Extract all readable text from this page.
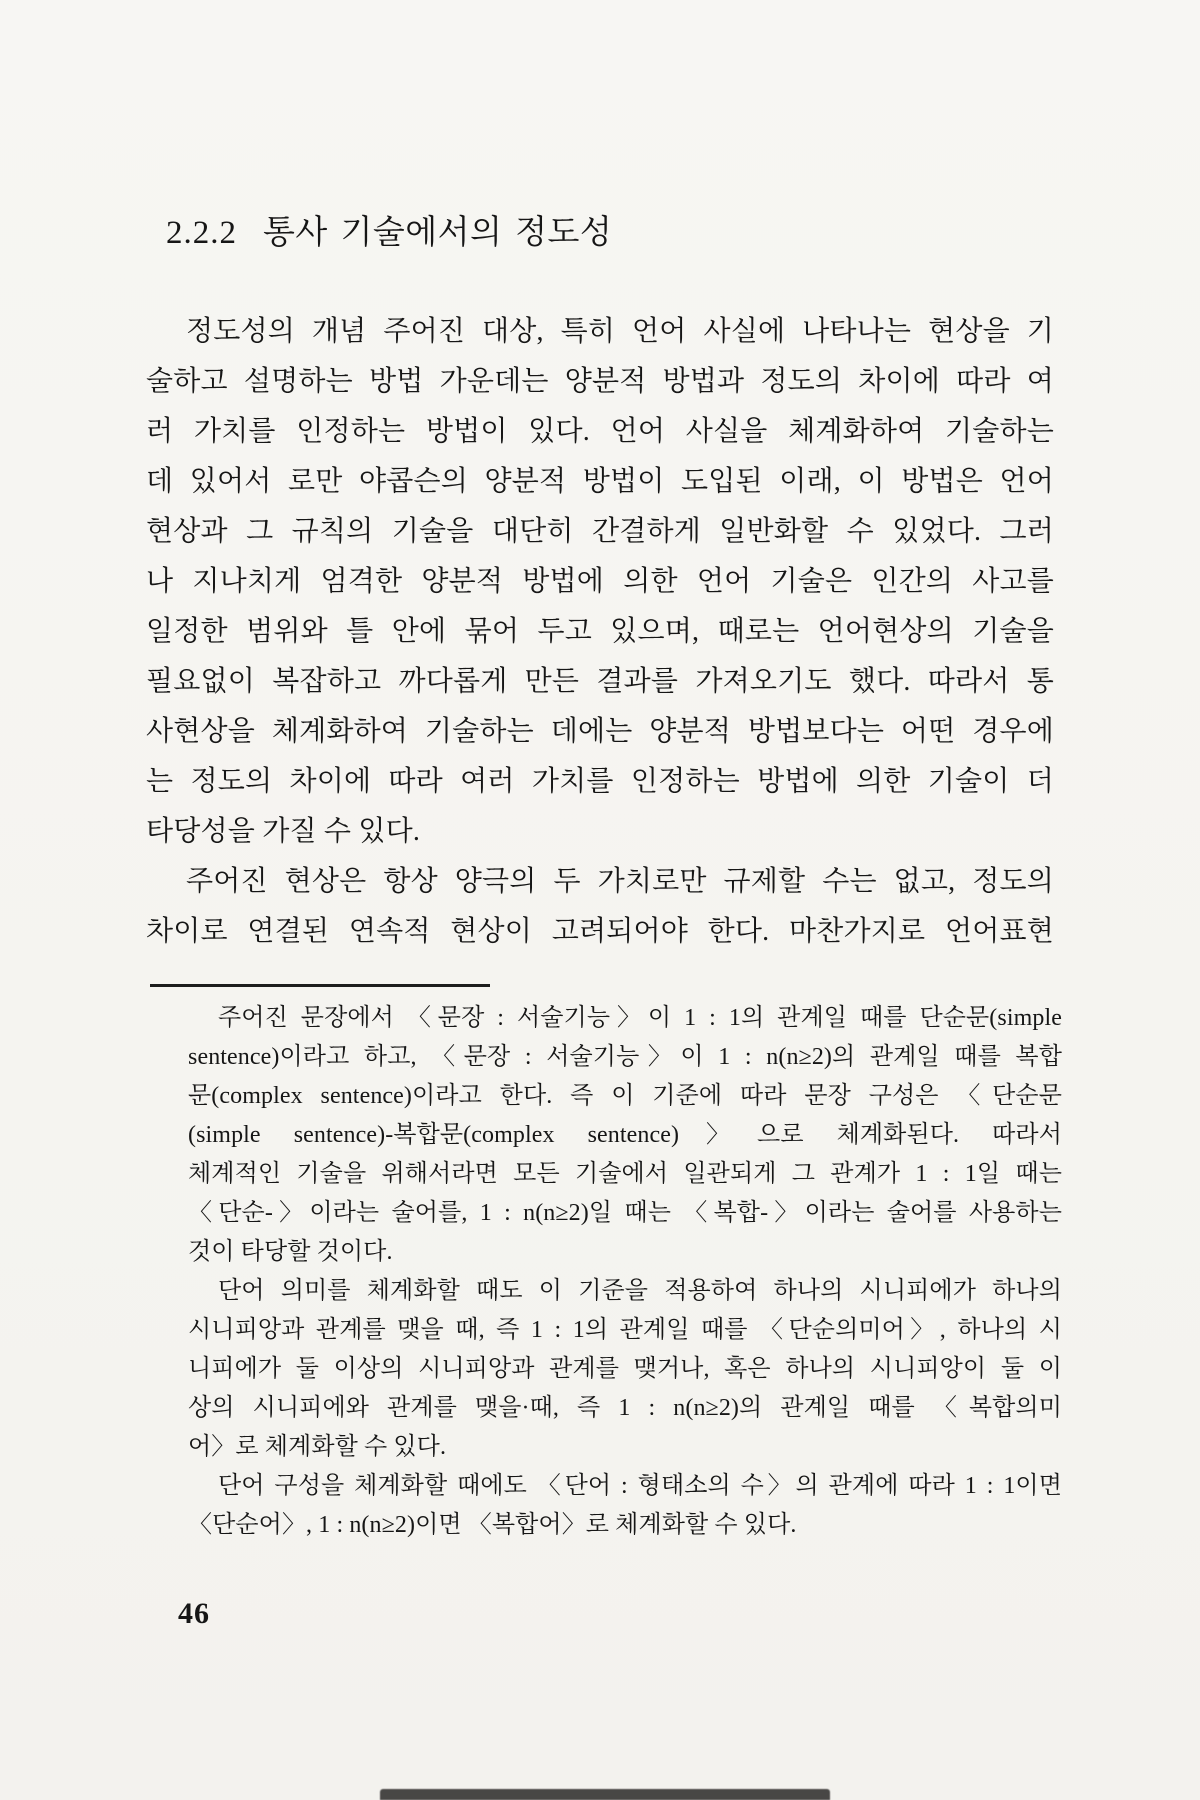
2.2.2 통사 기술에서의 정도성
정도성의 개념 주어진 대상, 특히 언어 사실에 나타나는 현상을 기
술하고 설명하는 방법 가운데는 양분적 방법과 정도의 차이에 따라 여
러 가치를 인정하는 방법이 있다. 언어 사실을 체계화하여 기술하는
데 있어서 로만 야콥슨의 양분적 방법이 도입된 이래, 이 방법은 언어
현상과 그 규칙의 기술을 대단히 간결하게 일반화할 수 있었다. 그러
나 지나치게 엄격한 양분적 방법에 의한 언어 기술은 인간의 사고를
일정한 범위와 틀 안에 묶어 두고 있으며, 때로는 언어현상의 기술을
필요없이 복잡하고 까다롭게 만든 결과를 가져오기도 했다. 따라서 통
사현상을 체계화하여 기술하는 데에는 양분적 방법보다는 어떤 경우에
는 정도의 차이에 따라 여러 가치를 인정하는 방법에 의한 기술이 더
타당성을 가질 수 있다.
주어진 현상은 항상 양극의 두 가치로만 규제할 수는 없고, 정도의
차이로 연결된 연속적 현상이 고려되어야 한다. 마찬가지로 언어표현
주어진 문장에서 〈문장 : 서술기능〉이 1 : 1의 관계일 때를 단순문(simple
sentence)이라고 하고, 〈문장 : 서술기능〉이 1 : n(n≥2)의 관계일 때를 복합
문(complex sentence)이라고 한다. 즉 이 기준에 따라 문장 구성은 〈단순문
(simple sentence)-복합문(complex sentence)〉으로 체계화된다. 따라서
체계적인 기술을 위해서라면 모든 기술에서 일관되게 그 관계가 1 : 1일 때는
〈단순-〉이라는 술어를, 1 : n(n≥2)일 때는 〈복합-〉이라는 술어를 사용하는
것이 타당할 것이다.
단어 의미를 체계화할 때도 이 기준을 적용하여 하나의 시니피에가 하나의
시니피앙과 관계를 맺을 때, 즉 1 : 1의 관계일 때를 〈단순의미어〉, 하나의 시
니피에가 둘 이상의 시니피앙과 관계를 맺거나, 혹은 하나의 시니피앙이 둘 이
상의 시니피에와 관계를 맺을·때, 즉 1 : n(n≥2)의 관계일 때를 〈복합의미
어〉로 체계화할 수 있다.
단어 구성을 체계화할 때에도 〈단어 : 형태소의 수〉의 관계에 따라 1 : 1이면
〈단순어〉, 1 : n(n≥2)이면 〈복합어〉로 체계화할 수 있다.
46
